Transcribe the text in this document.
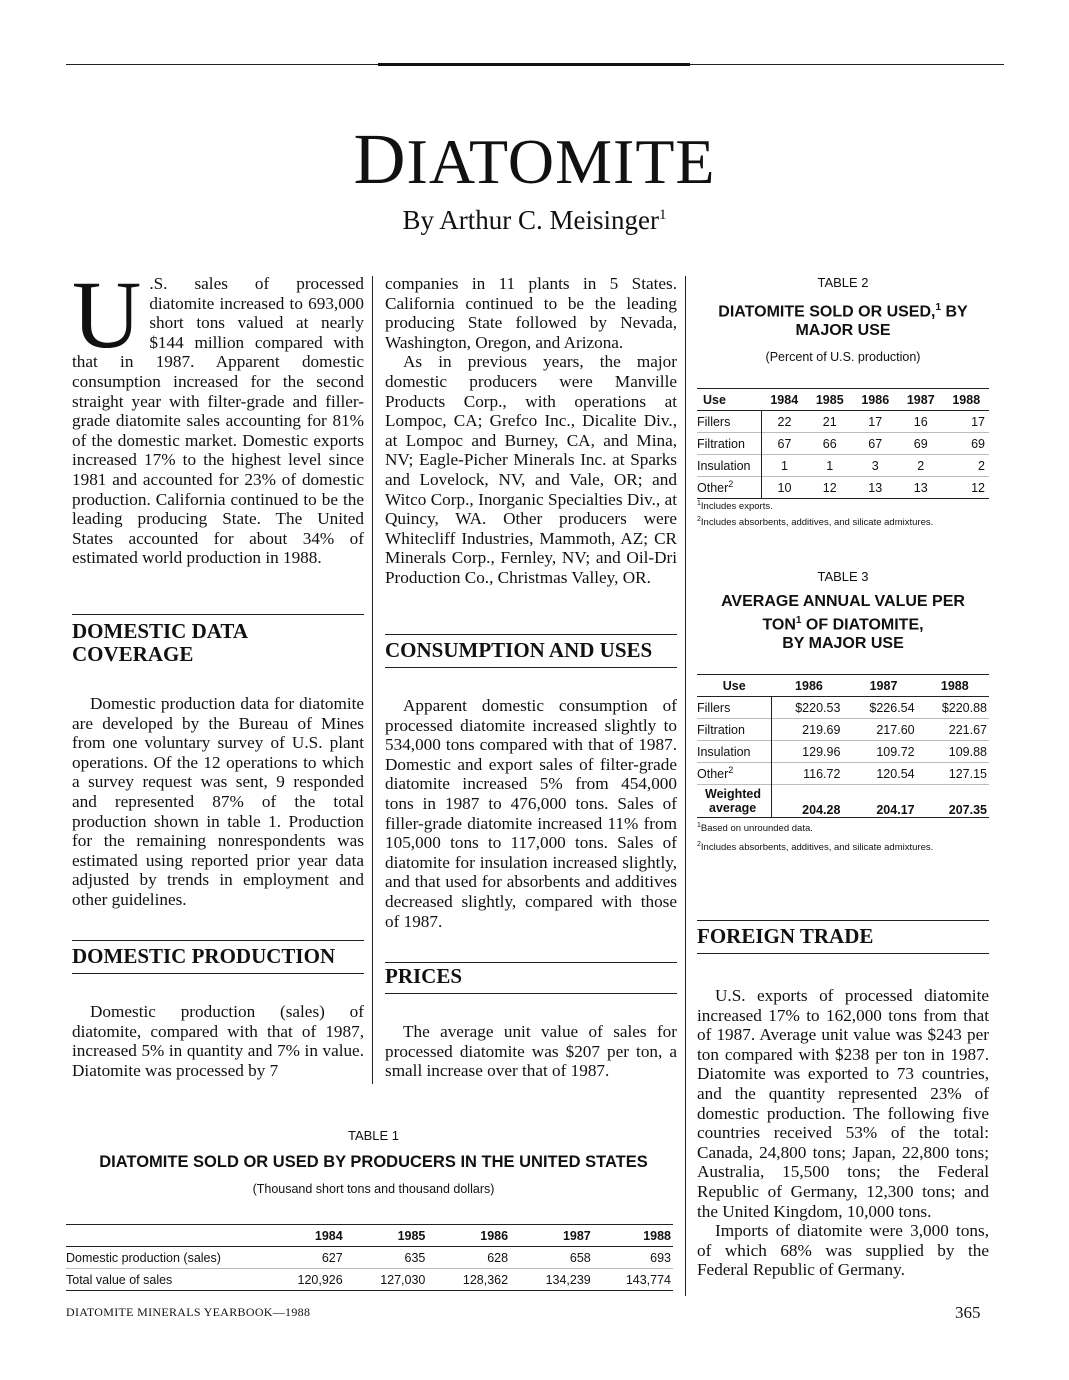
DIATOMITE
By Arthur C. Meisinger$^1$
U .S. sales of processed diatomite increased to 693,000 short tons valued at nearly $144 million compared with that in 1987. Apparent domestic consumption increased for the second straight year with filter-grade and filler-grade diatomite sales accounting for 81% of the domestic market. Domestic exports increased 17% to the highest level since 1981 and accounted for 23% of domestic production. California continued to be the leading producing State. The United States accounted for about 34% of estimated world production in 1988.
DOMESTIC DATA COVERAGE

Domestic production data for diatomite are developed by the Bureau of Mines from one voluntary survey of U.S. plant operations. Of the 12 operations to which a survey request was sent, 9 responded and represented 87% of the total production shown in table 1. Production for the remaining nonrespondents was estimated using reported prior year data adjusted by trends in employment and other guidelines.

DOMESTIC PRODUCTION

Domestic production (sales) of diatomite, compared with that of 1987, increased 5% in quantity and 7% in value. Diatomite was processed by 7

companies in 11 plants in 5 States. California continued to be the leading producing State followed by Nevada, Washington, Oregon, and Arizona.

As in previous years, the major domestic producers were Manville Products Corp., with operations at Lompoc, CA; Grefco Inc., Dicalite Div., at Lompoc and Burney, CA, and Mina, NV; Eagle-Picher Minerals Inc. at Sparks and Lovelock, NV, and Vale, OR; and Witco Corp., Inorganic Specialties Div., at Quincy, WA. Other producers were Whitecliff Industries, Mammoth, AZ; CR Minerals Corp., Fernley, NV; and Oil-Dri Production Co., Christmas Valley, OR.

CONSUMPTION AND USES

Apparent domestic consumption of processed diatomite increased slightly to 534,000 tons compared with that of 1987. Domestic and export sales of filter-grade diatomite increased 5% from 454,000 tons in 1987 to 476,000 tons. Sales of filler-grade diatomite increased 11% from 105,000 tons to 117,000 tons. Sales of diatomite for insulation increased slightly, and that used for absorbents and additives decreased slightly, compared with those of 1987.

PRICES

The average unit value of sales for processed diatomite was $207 per ton, a small increase over that of 1987.

TABLE 2
DIATOMITE SOLD OR USED,$^1$ BY MAJOR USE
(Percent of U.S. production)
Use	1984	1985	1986	1987	1988
Fillers	22	21	17	16	17
Filtration	67	66	67	69	69
Insulation	1	1	3	2	2
Other$^2$	10	12	13	13	12
$^1$Includes exports.
$^2$Includes absorbents, additives, and silicate admixtures.
TABLE 3
AVERAGE ANNUAL VALUE PER
TON$^1$ OF DIATOMITE,
BY MAJOR USE
Use	1986	1987	1988
Fillers	$220.53	$226.54	$220.88
Filtration	219.69	217.60	221.67
Insulation	129.96	109.72	109.88
Other$^2$	116.72	120.54	127.15

Weighted
average	204.28	204.17	207.35
$^1$Based on unrounded data.
$^2$Includes absorbents, additives, and silicate admixtures.
FOREIGN TRADE

U.S. exports of processed diatomite increased 17% to 162,000 tons from that of 1987. Average unit value was $243 per ton compared with $238 per ton in 1987. Diatomite was exported to 73 countries, and the quantity represented 23% of domestic production. The following five countries received 53% of the total: Canada, 24,800 tons; Japan, 22,800 tons; Australia, 15,500 tons; the Federal Republic of Germany, 12,300 tons; and the United Kingdom, 10,000 tons.

Imports of diatomite were 3,000 tons, of which 68% was supplied by the Federal Republic of Germany.

TABLE 1
DIATOMITE SOLD OR USED BY PRODUCERS IN THE UNITED STATES
(Thousand short tons and thousand dollars)
	1984	1985	1986	1987	1988
Domestic production (sales)	627	635	628	658	693
Total value of sales	120,926	127,030	128,362	134,239	143,774
DIATOMITE MINERALS YEARBOOK—1988	365
